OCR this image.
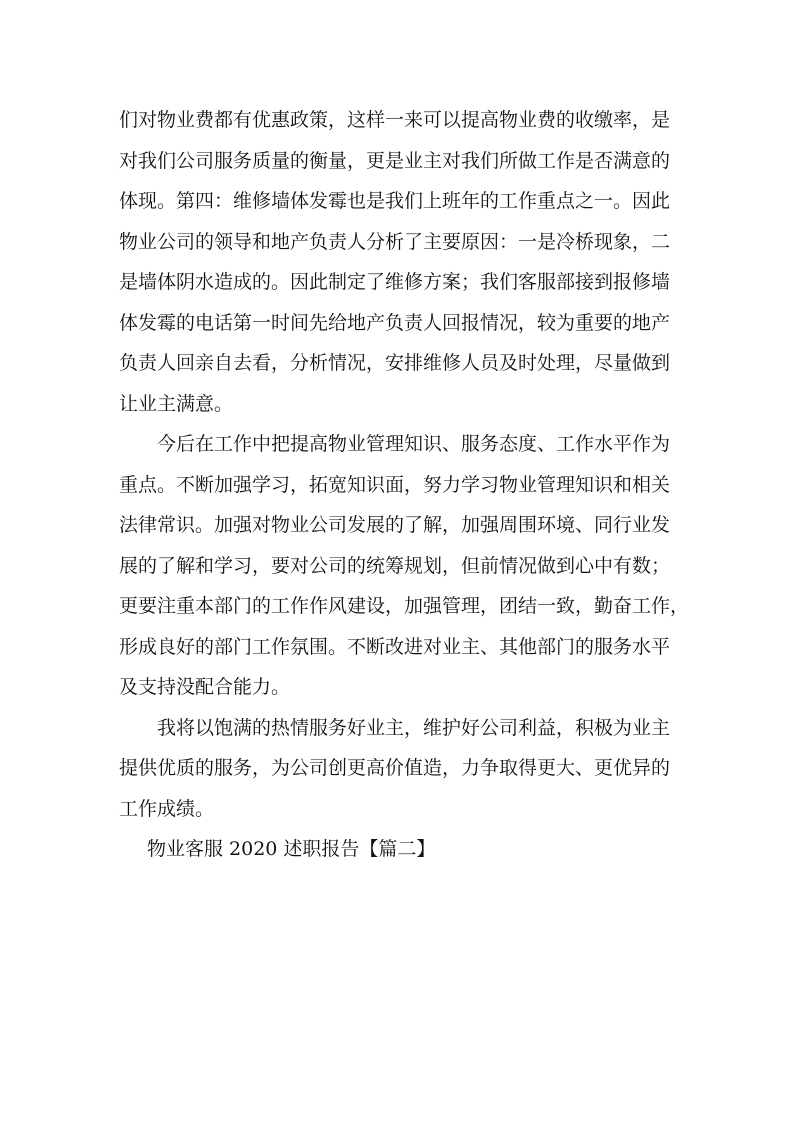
们对物业费都有优惠政策，这样一来可以提高物业费的收缴率，是
对我们公司服务质量的衡量，更是业主对我们所做工作是否满意的
体现。第四：维修墙体发霉也是我们上班年的工作重点之一。因此
物业公司的领导和地产负责人分析了主要原因：一是冷桥现象，二
是墙体阴水造成的。因此制定了维修方案；我们客服部接到报修墙
体发霉的电话第一时间先给地产负责人回报情况，较为重要的地产
负责人回亲自去看，分析情况，安排维修人员及时处理，尽量做到
让业主满意。
今后在工作中把提高物业管理知识、服务态度、工作水平作为
重点。不断加强学习，拓宽知识面，努力学习物业管理知识和相关
法律常识。加强对物业公司发展的了解，加强周围环境、同行业发
展的了解和学习，要对公司的统筹规划，但前情况做到心中有数；
更要注重本部门的工作作风建设，加强管理，团结一致，勤奋工作，
形成良好的部门工作氛围。不断改进对业主、其他部门的服务水平
及支持没配合能力。
我将以饱满的热情服务好业主，维护好公司利益，积极为业主
提供优质的服务，为公司创更高价值造，力争取得更大、更优异的
工作成绩。
物业客服 2020 述职报告【篇二】
